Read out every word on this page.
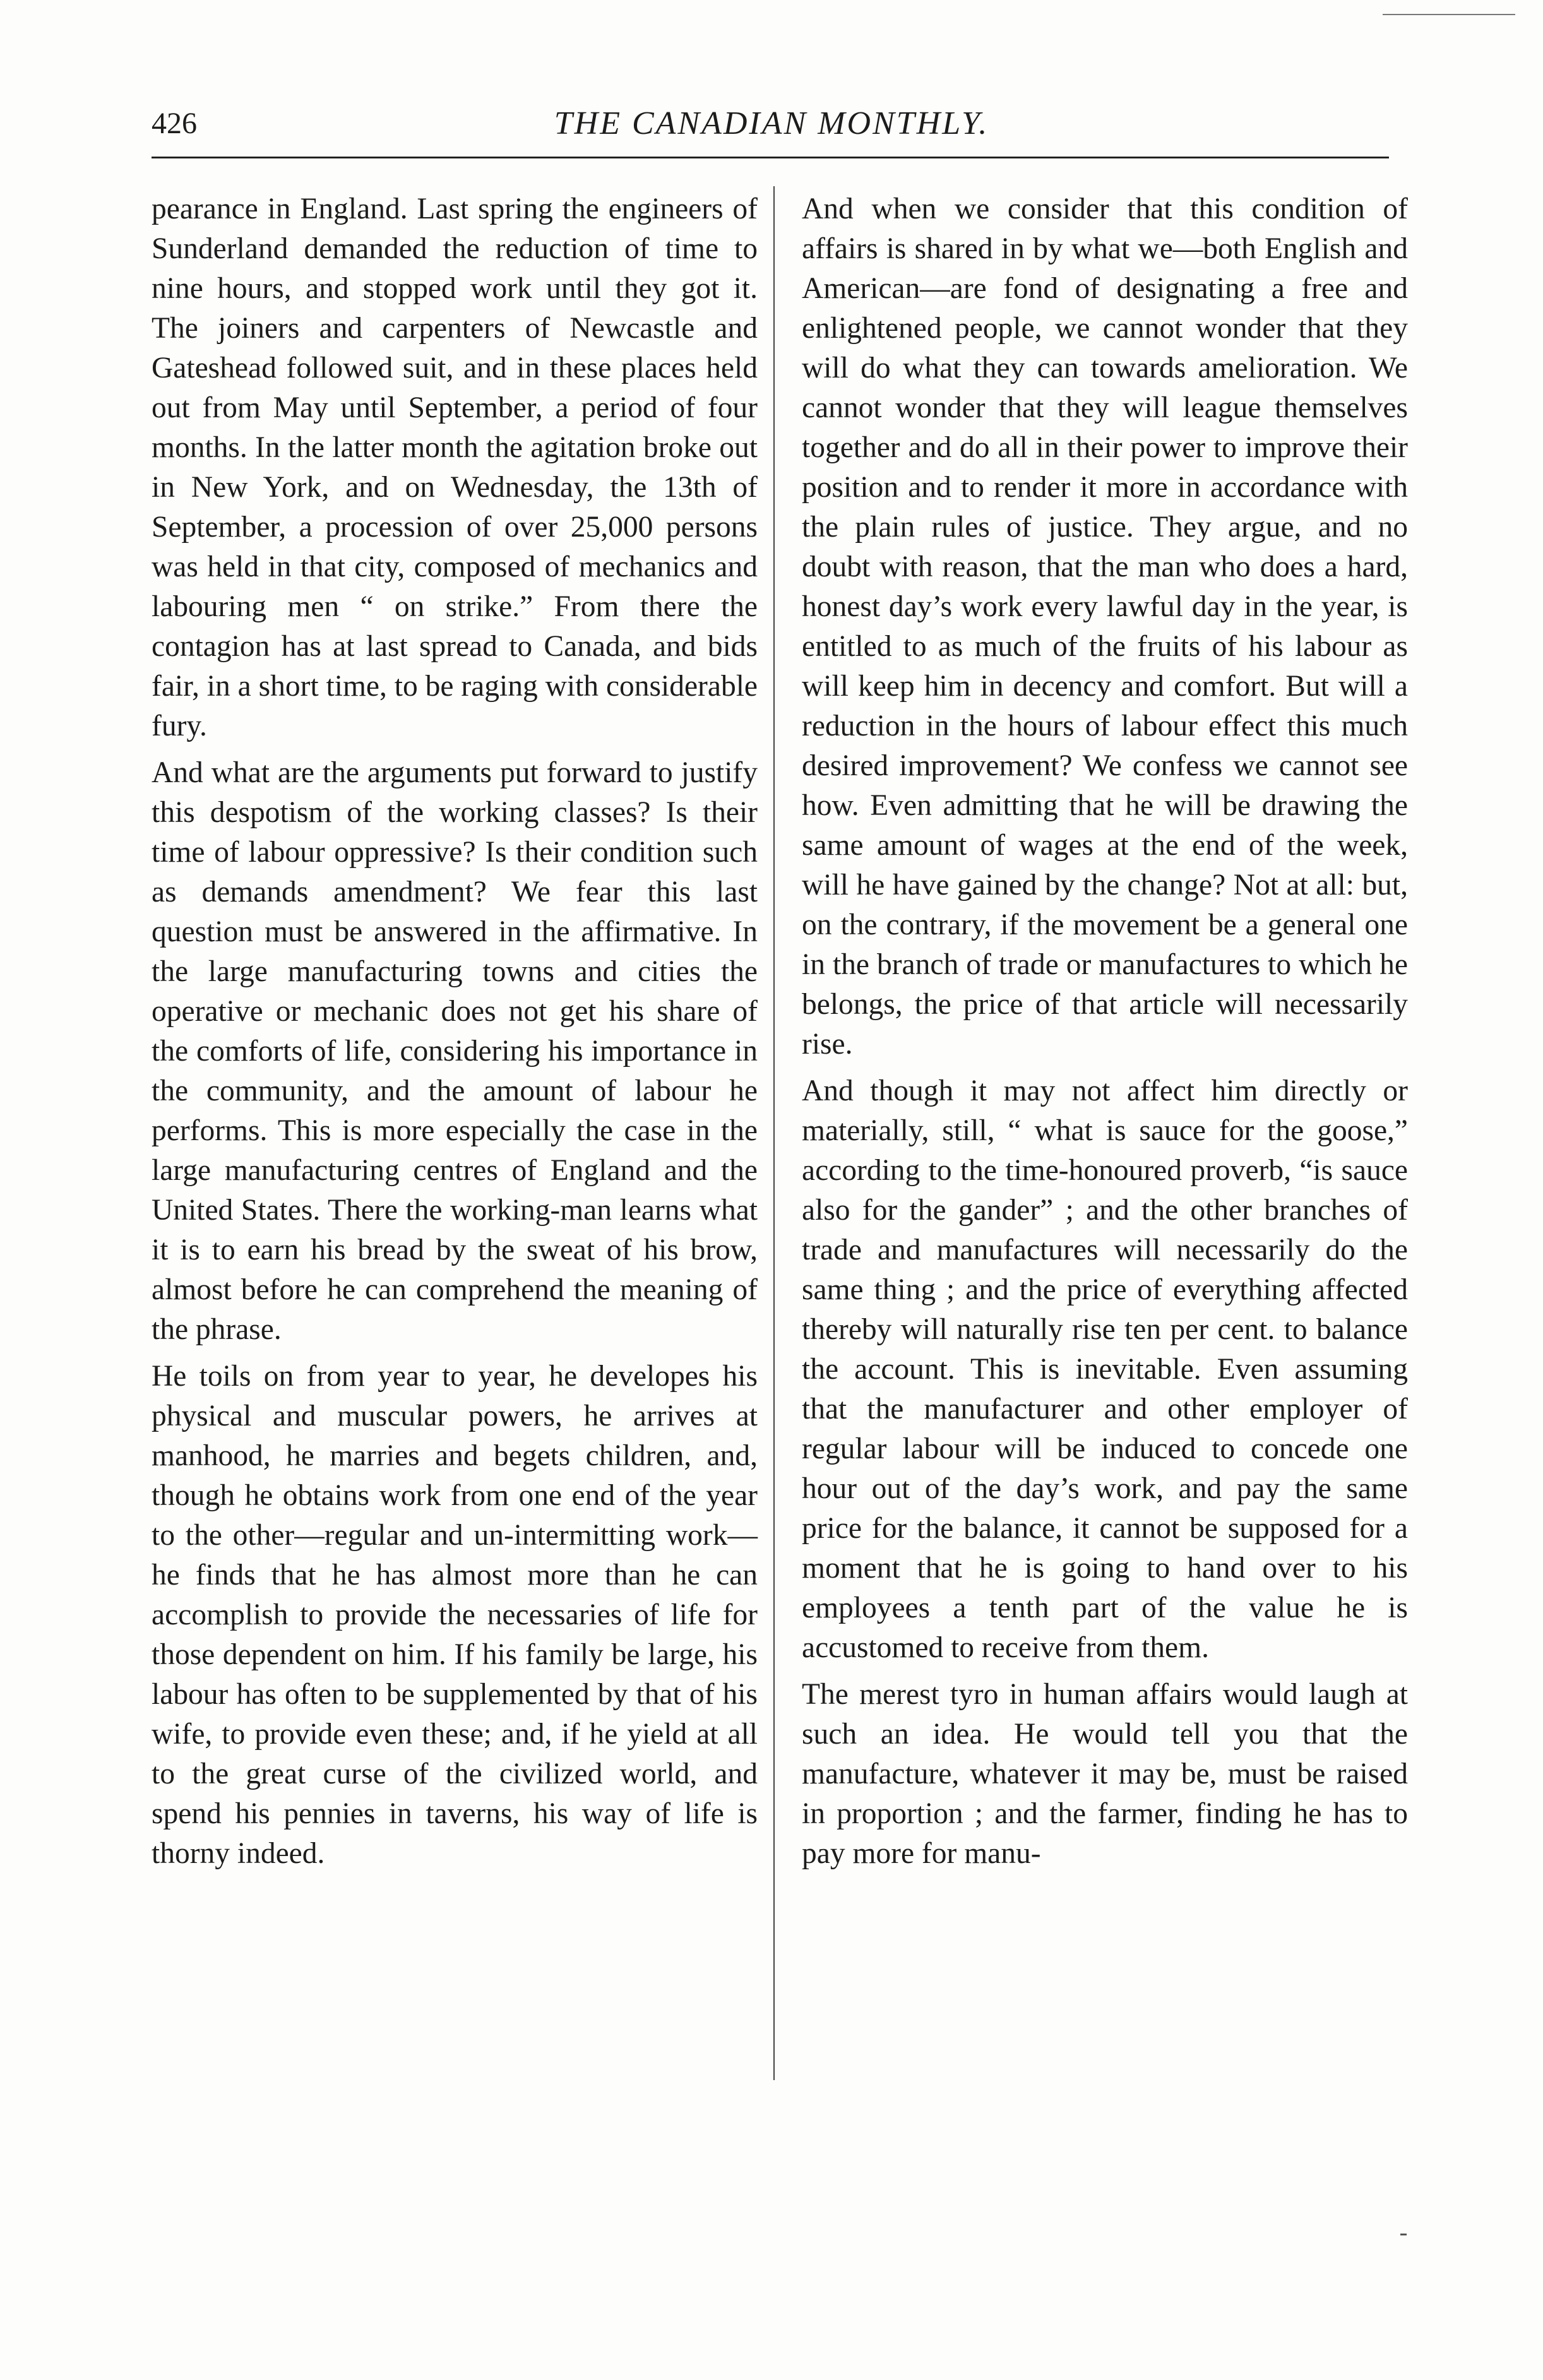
426	THE CANADIAN MONTHLY.

pearance in England. Last spring the engineers of Sunderland demanded the reduction of time to nine hours, and stopped work until they got it. The joiners and carpenters of Newcastle and Gateshead followed suit, and in these places held out from May until September, a period of four months. In the latter month the agitation broke out in New York, and on Wednesday, the 13th of September, a procession of over 25,000 persons was held in that city, composed of mechanics and labouring men “ on strike.” From there the contagion has at last spread to Canada, and bids fair, in a short time, to be raging with considerable fury.

And what are the arguments put forward to justify this despotism of the working classes? Is their time of labour oppressive? Is their condition such as demands amendment? We fear this last question must be answered in the affirmative. In the large manufacturing towns and cities the operative or mechanic does not get his share of the comforts of life, considering his importance in the community, and the amount of labour he performs. This is more especially the case in the large manufacturing centres of England and the United States. There the working-man learns what it is to earn his bread by the sweat of his brow, almost before he can comprehend the meaning of the phrase.

He toils on from year to year, he developes his physical and muscular powers, he arrives at manhood, he marries and begets children, and, though he obtains work from one end of the year to the other—regular and un-intermitting work—he finds that he has almost more than he can accomplish to provide the necessaries of life for those dependent on him. If his family be large, his labour has often to be supplemented by that of his wife, to provide even these; and, if he yield at all to the great curse of the civilized world, and spend his pennies in taverns, his way of life is thorny indeed.

And when we consider that this condition of affairs is shared in by what we—both English and American—are fond of designating a free and enlightened people, we cannot wonder that they will do what they can towards amelioration. We cannot wonder that they will league themselves together and do all in their power to improve their position and to render it more in accordance with the plain rules of justice. They argue, and no doubt with reason, that the man who does a hard, honest day’s work every lawful day in the year, is entitled to as much of the fruits of his labour as will keep him in decency and comfort. But will a reduction in the hours of labour effect this much desired improvement? We confess we cannot see how. Even admitting that he will be drawing the same amount of wages at the end of the week, will he have gained by the change? Not at all: but, on the contrary, if the movement be a general one in the branch of trade or manufactures to which he belongs, the price of that article will necessarily rise.

And though it may not affect him directly or materially, still, “ what is sauce for the goose,” according to the time-honoured proverb, “is sauce also for the gander” ; and the other branches of trade and manufactures will necessarily do the same thing ; and the price of everything affected thereby will naturally rise ten per cent. to balance the account. This is inevitable. Even assuming that the manufacturer and other employer of regular labour will be induced to concede one hour out of the day’s work, and pay the same price for the balance, it cannot be supposed for a moment that he is going to hand over to his employees a tenth part of the value he is accustomed to receive from them.

The merest tyro in human affairs would laugh at such an idea. He would tell you that the manufacture, whatever it may be, must be raised in proportion ; and the farmer, finding he has to pay more for manu-
